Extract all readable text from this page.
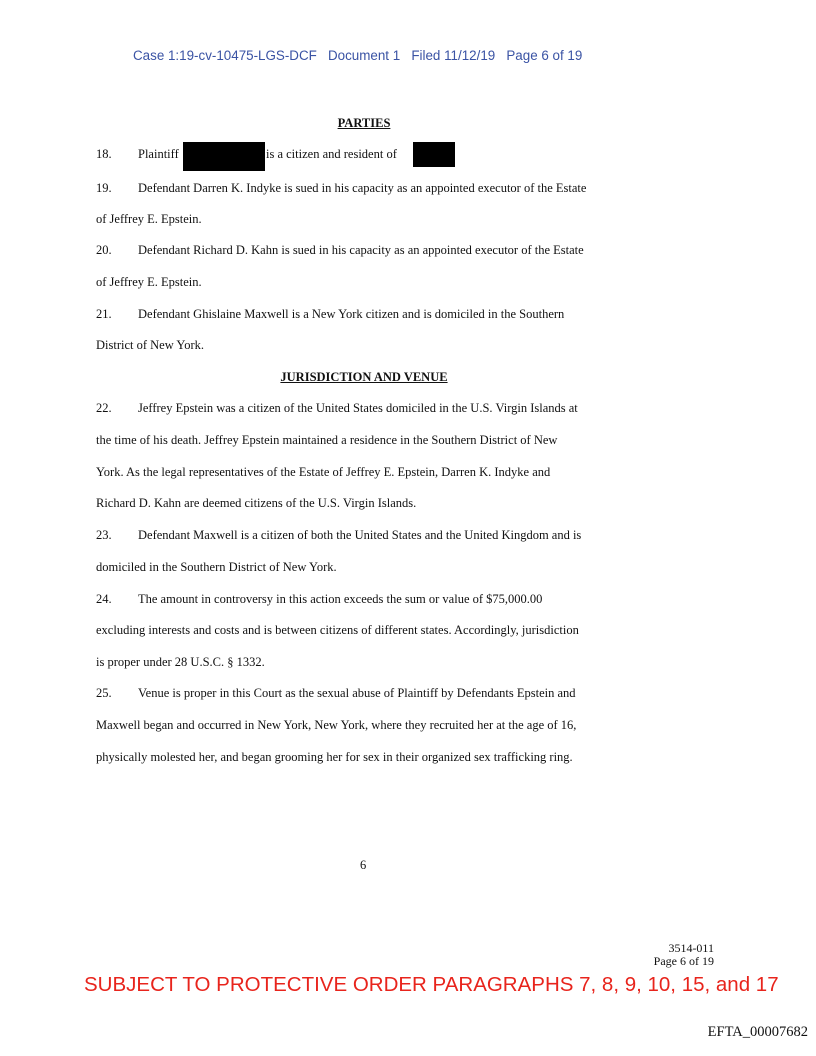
Case 1:19-cv-10475-LGS-DCF   Document 1   Filed 11/12/19   Page 6 of 19
PARTIES
18. Plaintiff	is a citizen and resident of
19. Defendant Darren K. Indyke is sued in his capacity as an appointed executor of the Estate
of Jeffrey E. Epstein.
20. Defendant Richard D. Kahn is sued in his capacity as an appointed executor of the Estate
of Jeffrey E. Epstein.
21. Defendant Ghislaine Maxwell is a New York citizen and is domiciled in the Southern
District of New York.
JURISDICTION AND VENUE
22. Jeffrey Epstein was a citizen of the United States domiciled in the U.S. Virgin Islands at
the time of his death. Jeffrey Epstein maintained a residence in the Southern District of New
York. As the legal representatives of the Estate of Jeffrey E. Epstein, Darren K. Indyke and
Richard D. Kahn are deemed citizens of the U.S. Virgin Islands.
23. Defendant Maxwell is a citizen of both the United States and the United Kingdom and is
domiciled in the Southern District of New York.
24. The amount in controversy in this action exceeds the sum or value of $75,000.00
excluding interests and costs and is between citizens of different states. Accordingly, jurisdiction
is proper under 28 U.S.C. § 1332.
25. Venue is proper in this Court as the sexual abuse of Plaintiff by Defendants Epstein and
Maxwell began and occurred in New York, New York, where they recruited her at the age of 16,
physically molested her, and began grooming her for sex in their organized sex trafficking ring.
6
3514-011
Page 6 of 19
SUBJECT TO PROTECTIVE ORDER PARAGRAPHS 7, 8, 9, 10, 15, and 17
EFTA_00007682
